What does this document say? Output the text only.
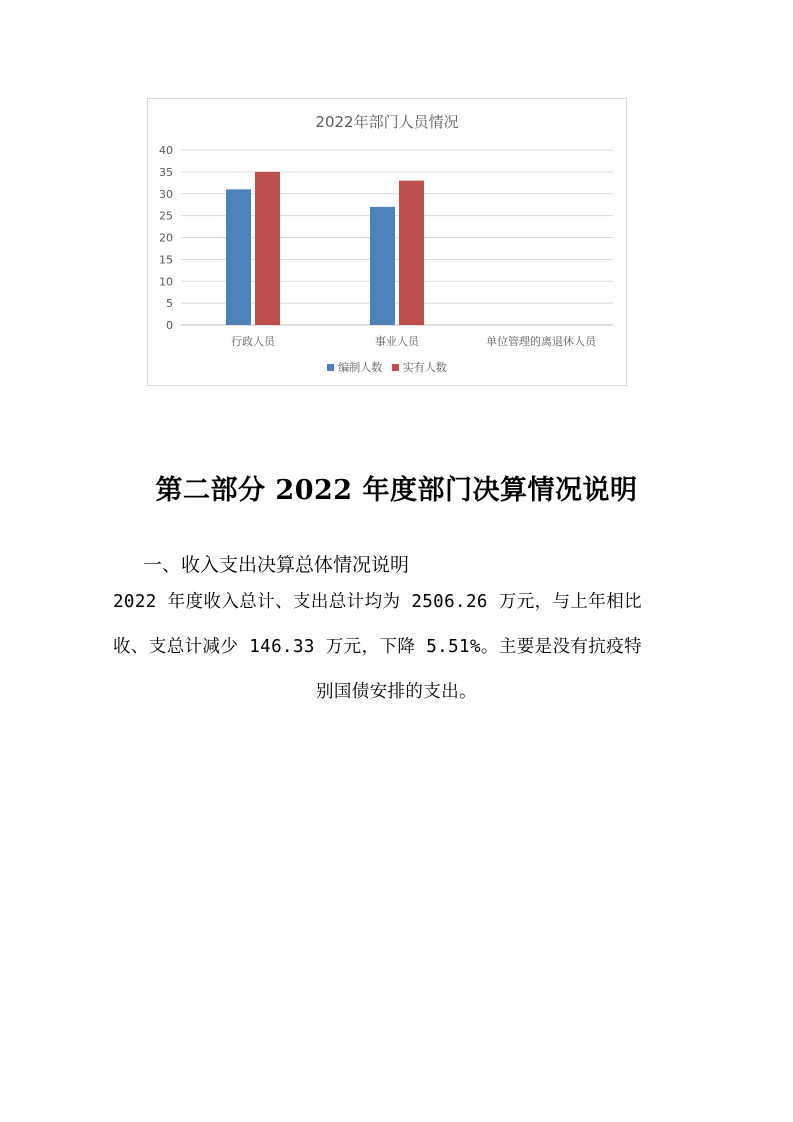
0
5
10
15
20
25
30
35
40
行政人员	事业人员	单位管理的离退休人员
2022年部门人员情况
编制人数 实有人数
第二部分 2022 年度部门决算情况说明
一、收入支出决算总体情况说明
2022 年度收入总计、支出总计均为 2506.26 万元，与上年相比
收、支总计减少 146.33 万元，下降 5.51%。主要是没有抗疫特
别国债安排的支出。
